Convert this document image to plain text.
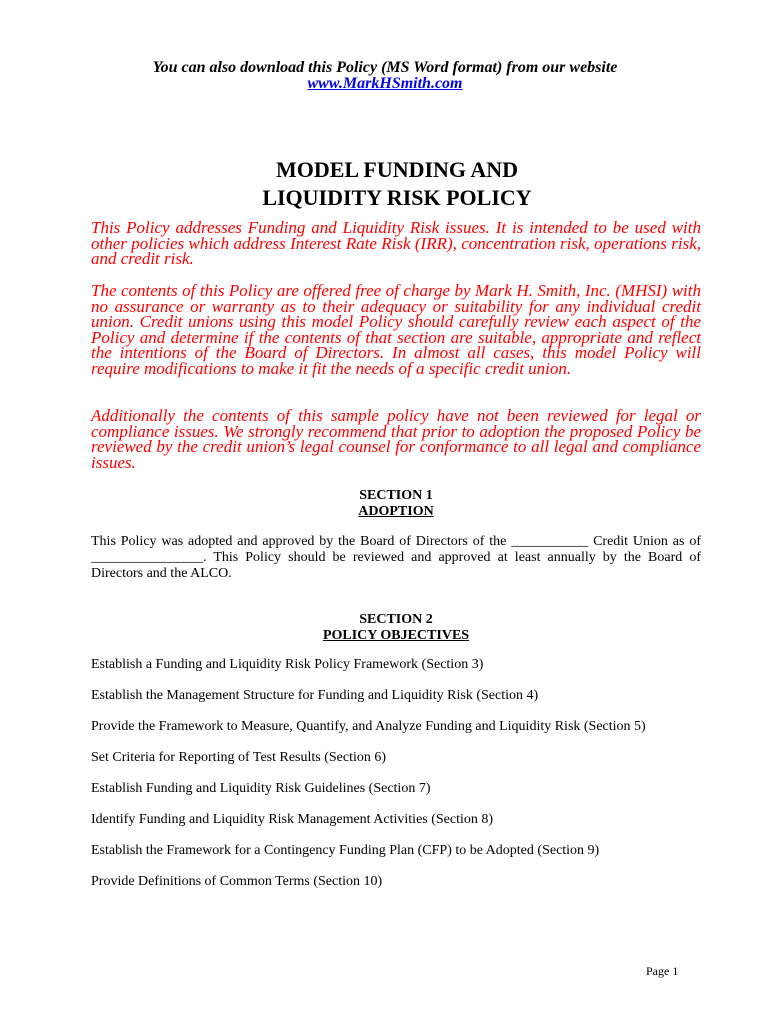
You can also download this Policy (MS Word format) from our website
www.MarkHSmith.com
MODEL FUNDING AND
LIQUIDITY RISK POLICY

This Policy addresses Funding and Liquidity Risk issues. It is intended to be used with other policies which address Interest Rate Risk (IRR), concentration risk, operations risk, and credit risk.

The contents of this Policy are offered free of charge by Mark H. Smith, Inc. (MHSI) with no assurance or warranty as to their adequacy or suitability for any individual credit union. Credit unions using this model Policy should carefully review each aspect of the Policy and determine if the contents of that section are suitable, appropriate and reflect the intentions of the Board of Directors. In almost all cases, this model Policy will require modifications to make it fit the needs of a specific credit union.

Additionally the contents of this sample policy have not been reviewed for legal or compliance issues. We strongly recommend that prior to adoption the proposed Policy be reviewed by the credit union’s legal counsel for conformance to all legal and compliance issues.

SECTION 1
ADOPTION

This Policy was adopted and approved by the Board of Directors of the ___________ Credit Union as of ________________. This Policy should be reviewed and approved at least annually by the Board of Directors and the ALCO.

SECTION 2
POLICY OBJECTIVES
Establish a Funding and Liquidity Risk Policy Framework (Section 3)
Establish the Management Structure for Funding and Liquidity Risk (Section 4)
Provide the Framework to Measure, Quantify, and Analyze Funding and Liquidity Risk (Section 5)
Set Criteria for Reporting of Test Results (Section 6)
Establish Funding and Liquidity Risk Guidelines (Section 7)
Identify Funding and Liquidity Risk Management Activities (Section 8)
Establish the Framework for a Contingency Funding Plan (CFP) to be Adopted (Section 9)
Provide Definitions of Common Terms (Section 10)
Page 1
